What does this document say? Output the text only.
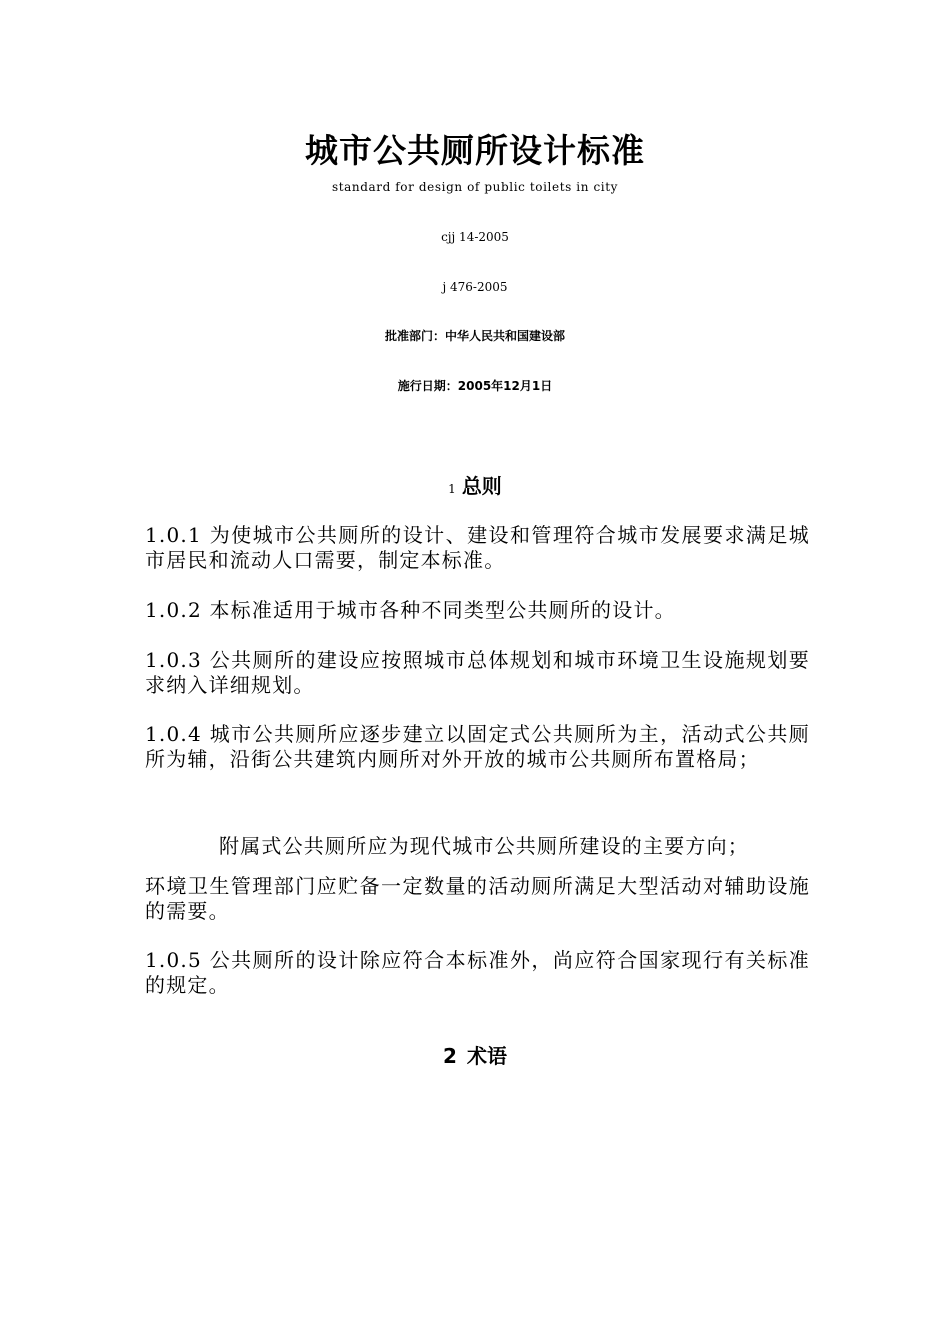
城市公共厕所设计标准
standard for design of public toilets in city
cjj 14-2005
j 476-2005
批准部门：中华人民共和国建设部
施行日期：2005年12月1日
1 总则
1.0.1 为使城市公共厕所的设计、建设和管理符合城市发展要求满足城市居民和流动人口需要，制定本标准。
1.0.2 本标准适用于城市各种不同类型公共厕所的设计。
1.0.3 公共厕所的建设应按照城市总体规划和城市环境卫生设施规划要求纳入详细规划。
1.0.4 城市公共厕所应逐步建立以固定式公共厕所为主，活动式公共厕所为辅，沿街公共建筑内厕所对外开放的城市公共厕所布置格局；
附属式公共厕所应为现代城市公共厕所建设的主要方向；
环境卫生管理部门应贮备一定数量的活动厕所满足大型活动对辅助设施的需要。
1.0.5 公共厕所的设计除应符合本标准外，尚应符合国家现行有关标准的规定。
2 术语
